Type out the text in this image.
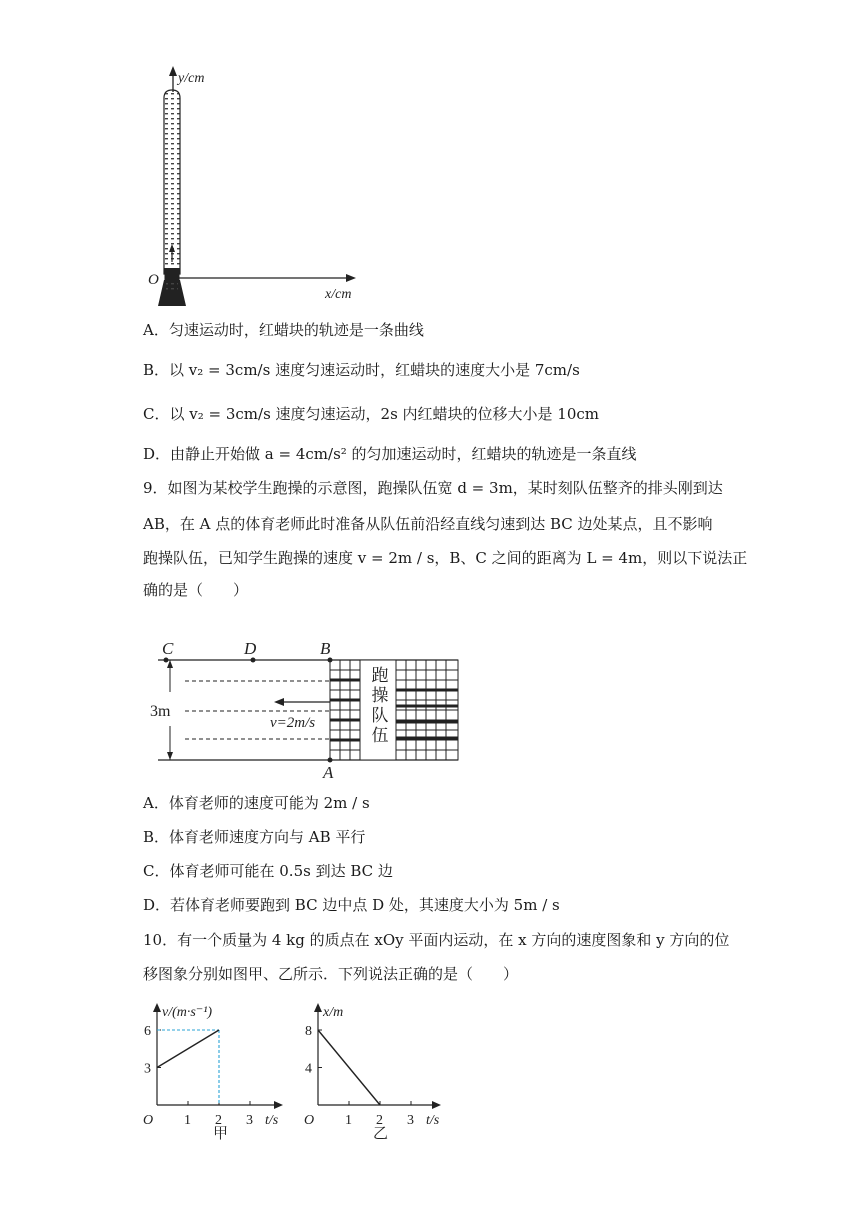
y/cm
x/cm
O
A．匀速运动时，红蜡块的轨迹是一条曲线
B．以 v₂ = 3cm/s 速度匀速运动时，红蜡块的速度大小是 7cm/s
C．以 v₂ = 3cm/s 速度匀速运动，2s 内红蜡块的位移大小是 10cm
D．由静止开始做 a = 4cm/s² 的匀加速运动时，红蜡块的轨迹是一条直线
9．如图为某校学生跑操的示意图，跑操队伍宽 d = 3m，某时刻队伍整齐的排头刚到达
AB，在 A 点的体育老师此时准备从队伍前沿经直线匀速到达 BC 边处某点，且不影响
跑操队伍，已知学生跑操的速度 v = 2m / s，B、C 之间的距离为 L = 4m，则以下说法正
确的是（　　）
3m
v=2m/s	跑操队伍
C	D	B
A
A．体育老师的速度可能为 2m / s
B．体育老师速度方向与 AB 平行
C．体育老师可能在 0.5s 到达 BC 边
D．若体育老师要跑到 BC 边中点 D 处，其速度大小为 5m / s
10．有一个质量为 4 kg 的质点在 xOy 平面内运动，在 x 方向的速度图象和 y 方向的位
移图象分别如图甲、乙所示．下列说法正确的是（　　）
v/(m·s⁻¹)
t/s
O
甲
1 2 3
3
6
x/m
t/s
O
乙
1 2 3
4
8
